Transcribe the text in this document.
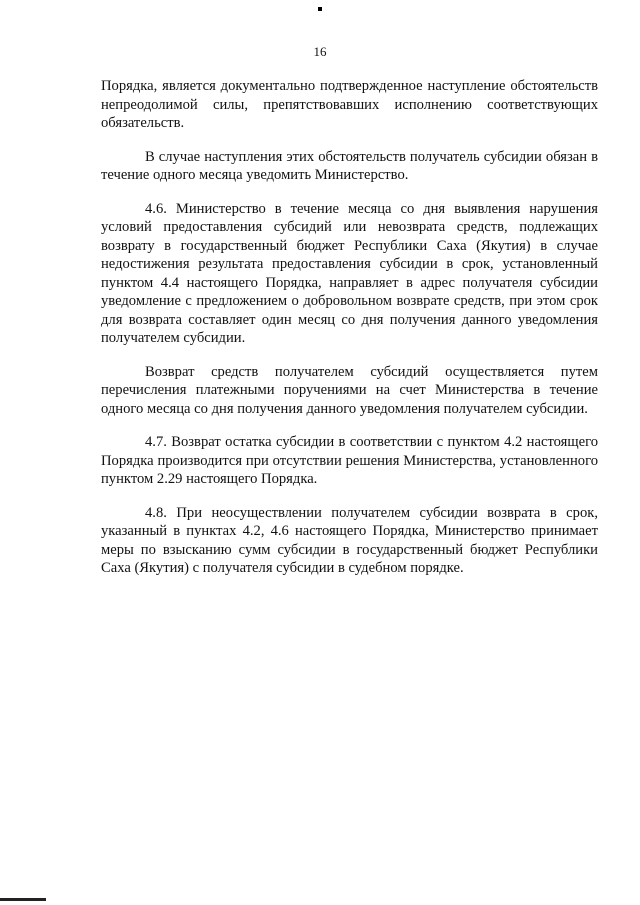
16

Порядка, является документально подтвержденное наступление обстоятельств непреодолимой силы, препятствовавших исполнению соответствующих обязательств.

В случае наступления этих обстоятельств получатель субсидии обязан в течение одного месяца уведомить Министерство.

4.6. Министерство в течение месяца со дня выявления нарушения условий предоставления субсидий или невозврата средств, подлежащих возврату в государственный бюджет Республики Саха (Якутия) в случае недостижения результата предоставления субсидии в срок, установленный пунктом 4.4 настоящего Порядка, направляет в адрес получателя субсидии уведомление с предложением о добровольном возврате средств, при этом срок для возврата составляет один месяц со дня получения данного уведомления получателем субсидии.

Возврат средств получателем субсидий осуществляется путем перечисления платежными поручениями на счет Министерства в течение одного месяца со дня получения данного уведомления получателем субсидии.

4.7. Возврат остатка субсидии в соответствии с пунктом 4.2 настоящего Порядка производится при отсутствии решения Министерства, установленного пунктом 2.29 настоящего Порядка.

4.8. При неосуществлении получателем субсидии возврата в срок, указанный в пунктах 4.2, 4.6 настоящего Порядка, Министерство принимает меры по взысканию сумм субсидии в государственный бюджет Республики Саха (Якутия) с получателя субсидии в судебном порядке.
